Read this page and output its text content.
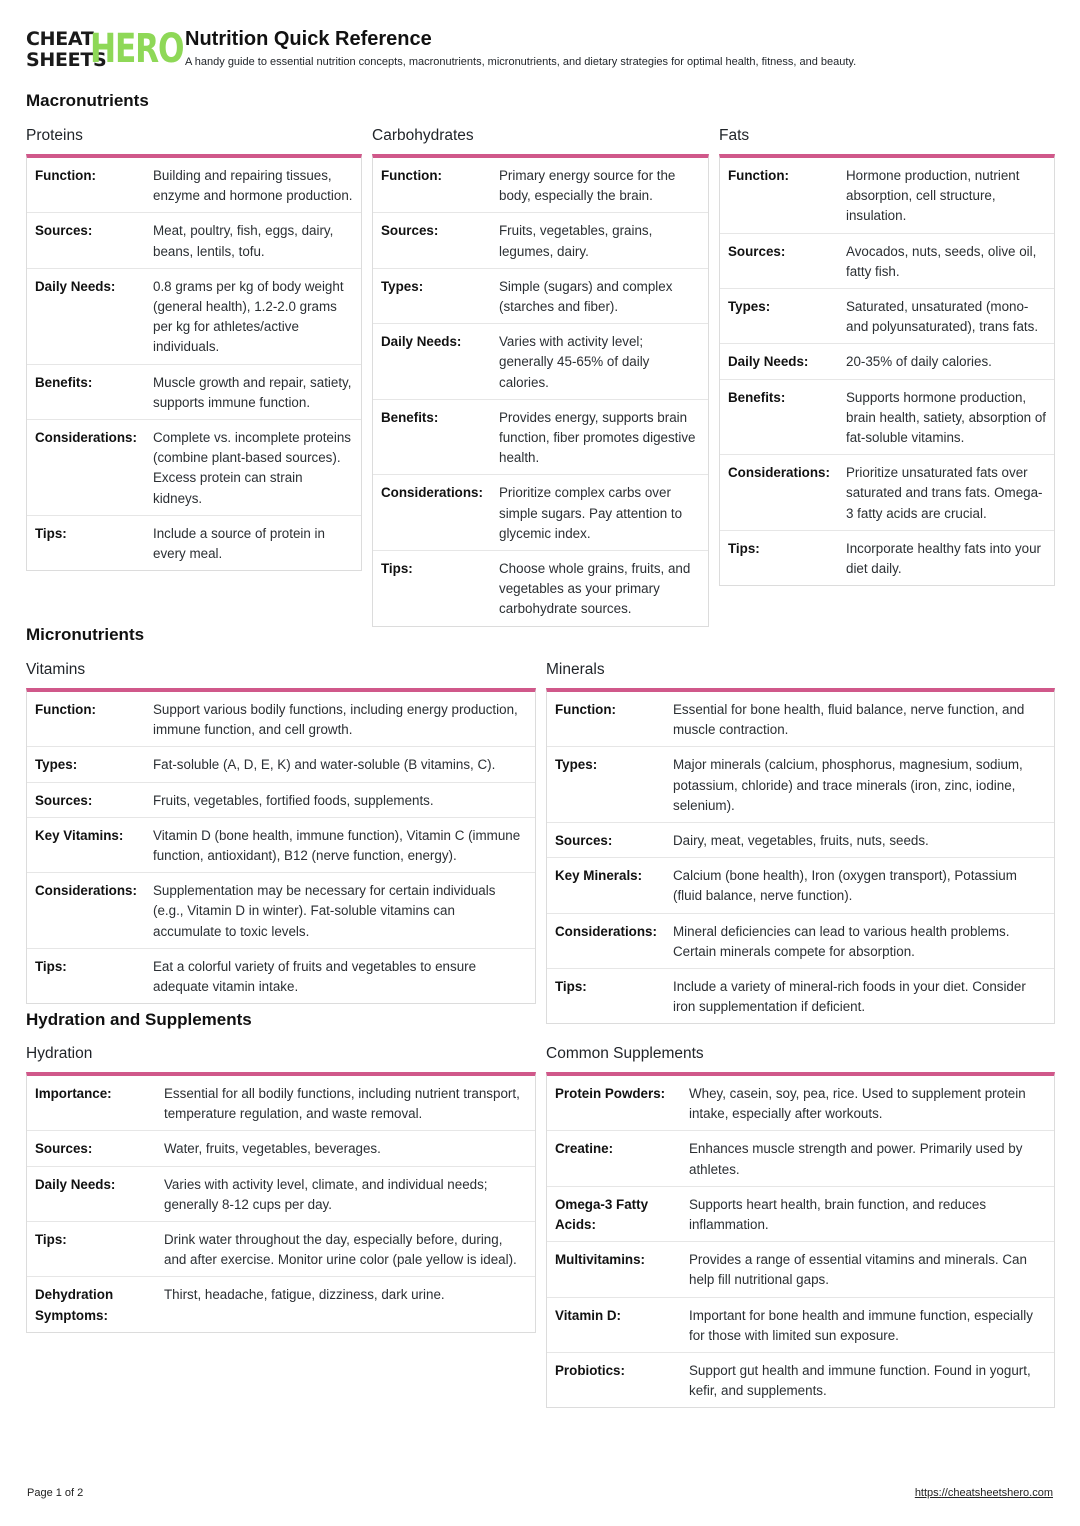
CHEAT
SHEETS
HERO Nutrition Quick Reference
A handy guide to essential nutrition concepts, macronutrients, micronutrients, and dietary strategies for optimal health, fitness, and beauty.
Macronutrients
Proteins
Function:	Building and repairing tissues, enzyme and hormone production.
Sources:	Meat, poultry, fish, eggs, dairy, beans, lentils, tofu.
Daily Needs:	0.8 grams per kg of body weight (general health), 1.2-2.0 grams per kg for athletes/active individuals.
Benefits:	Muscle growth and repair, satiety, supports immune function.
Considerations:	Complete vs. incomplete proteins (combine plant-based sources). Excess protein can strain kidneys.
Tips:	Include a source of protein in every meal.
Carbohydrates
Function:	Primary energy source for the body, especially the brain.
Sources:	Fruits, vegetables, grains, legumes, dairy.
Types:	Simple (sugars) and complex (starches and fiber).
Daily Needs:	Varies with activity level; generally 45-65% of daily calories.
Benefits:	Provides energy, supports brain function, fiber promotes digestive health.
Considerations:	Prioritize complex carbs over simple sugars. Pay attention to glycemic index.
Tips:	Choose whole grains, fruits, and vegetables as your primary carbohydrate sources.
Fats
Function:	Hormone production, nutrient absorption, cell structure, insulation.
Sources:	Avocados, nuts, seeds, olive oil, fatty fish.
Types:	Saturated, unsaturated (mono- and polyunsaturated), trans fats.
Daily Needs:	20-35% of daily calories.
Benefits:	Supports hormone production, brain health, satiety, absorption of fat-soluble vitamins.
Considerations:	Prioritize unsaturated fats over saturated and trans fats. Omega-3 fatty acids are crucial.
Tips:	Incorporate healthy fats into your diet daily.
Micronutrients
Vitamins
Function:	Support various bodily functions, including energy production, immune function, and cell growth.
Types:	Fat-soluble (A, D, E, K) and water-soluble (B vitamins, C).
Sources:	Fruits, vegetables, fortified foods, supplements.
Key Vitamins:	Vitamin D (bone health, immune function), Vitamin C (immune function, antioxidant), B12 (nerve function, energy).
Considerations:	Supplementation may be necessary for certain individuals (e.g., Vitamin D in winter). Fat-soluble vitamins can accumulate to toxic levels.
Tips:	Eat a colorful variety of fruits and vegetables to ensure adequate vitamin intake.
Minerals
Function:	Essential for bone health, fluid balance, nerve function, and muscle contraction.
Types:	Major minerals (calcium, phosphorus, magnesium, sodium, potassium, chloride) and trace minerals (iron, zinc, iodine, selenium).
Sources:	Dairy, meat, vegetables, fruits, nuts, seeds.
Key Minerals:	Calcium (bone health), Iron (oxygen transport), Potassium (fluid balance, nerve function).
Considerations:	Mineral deficiencies can lead to various health problems. Certain minerals compete for absorption.
Tips:	Include a variety of mineral-rich foods in your diet. Consider iron supplementation if deficient.
Hydration and Supplements
Hydration
Importance:	Essential for all bodily functions, including nutrient transport, temperature regulation, and waste removal.
Sources:	Water, fruits, vegetables, beverages.
Daily Needs:	Varies with activity level, climate, and individual needs; generally 8-12 cups per day.
Tips:	Drink water throughout the day, especially before, during, and after exercise. Monitor urine color (pale yellow is ideal).
Dehydration Symptoms:
Thirst, headache, fatigue, dizziness, dark urine.
Common Supplements
Protein Powders:	Whey, casein, soy, pea, rice. Used to supplement protein intake, especially after workouts.
Creatine:	Enhances muscle strength and power. Primarily used by athletes.
Omega-3 Fatty Acids:
Supports heart health, brain function, and reduces inflammation.
Multivitamins:	Provides a range of essential vitamins and minerals. Can help fill nutritional gaps.
Vitamin D:	Important for bone health and immune function, especially for those with limited sun exposure.
Probiotics:	Support gut health and immune function. Found in yogurt, kefir, and supplements.
Page 1 of 2	https://cheatsheetshero.com
